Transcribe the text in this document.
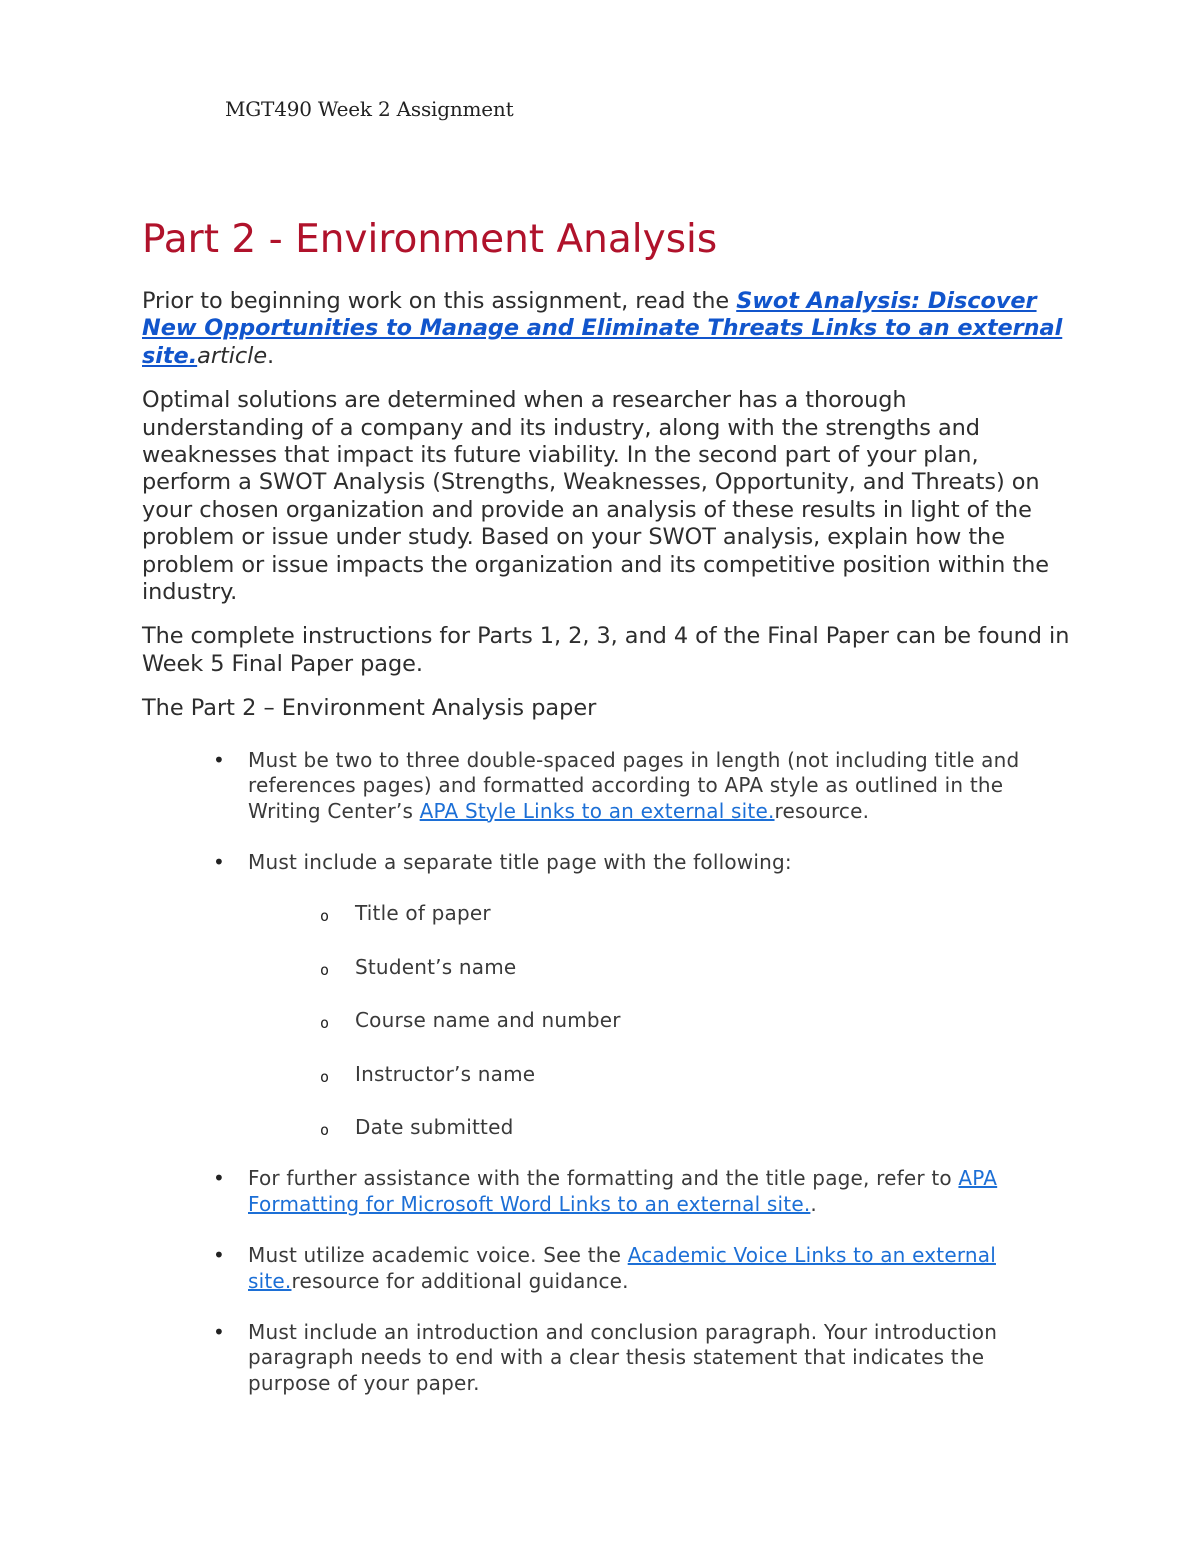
MGT490 Week 2 Assignment
Part 2 - Environment Analysis

Prior to beginning work on this assignment, read the Swot Analysis: Discover New Opportunities to Manage and Eliminate Threats Links to an external site.article.

Optimal solutions are determined when a researcher has a thorough understanding of a company and its industry, along with the strengths and weaknesses that impact its future viability. In the second part of your plan, perform a SWOT Analysis (Strengths, Weaknesses, Opportunity, and Threats) on your chosen organization and provide an analysis of these results in light of the problem or issue under study. Based on your SWOT analysis, explain how the problem or issue impacts the organization and its competitive position within the industry.

The complete instructions for Parts 1, 2, 3, and 4 of the Final Paper can be found in Week 5 Final Paper page.

The Part 2 – Environment Analysis paper

• Must be two to three double-spaced pages in length (not including title and references pages) and formatted according to APA style as outlined in the Writing Center’s APA Style Links to an external site.resource.
• Must include a separate title page with the following:
o Title of paper
o Student’s name
o Course name and number
o Instructor’s name
o Date submitted
• For further assistance with the formatting and the title page, refer to APA Formatting for Microsoft Word Links to an external site..
• Must utilize academic voice. See the Academic Voice Links to an external site.resource for additional guidance.
• Must include an introduction and conclusion paragraph. Your introduction paragraph needs to end with a clear thesis statement that indicates the purpose of your paper.
